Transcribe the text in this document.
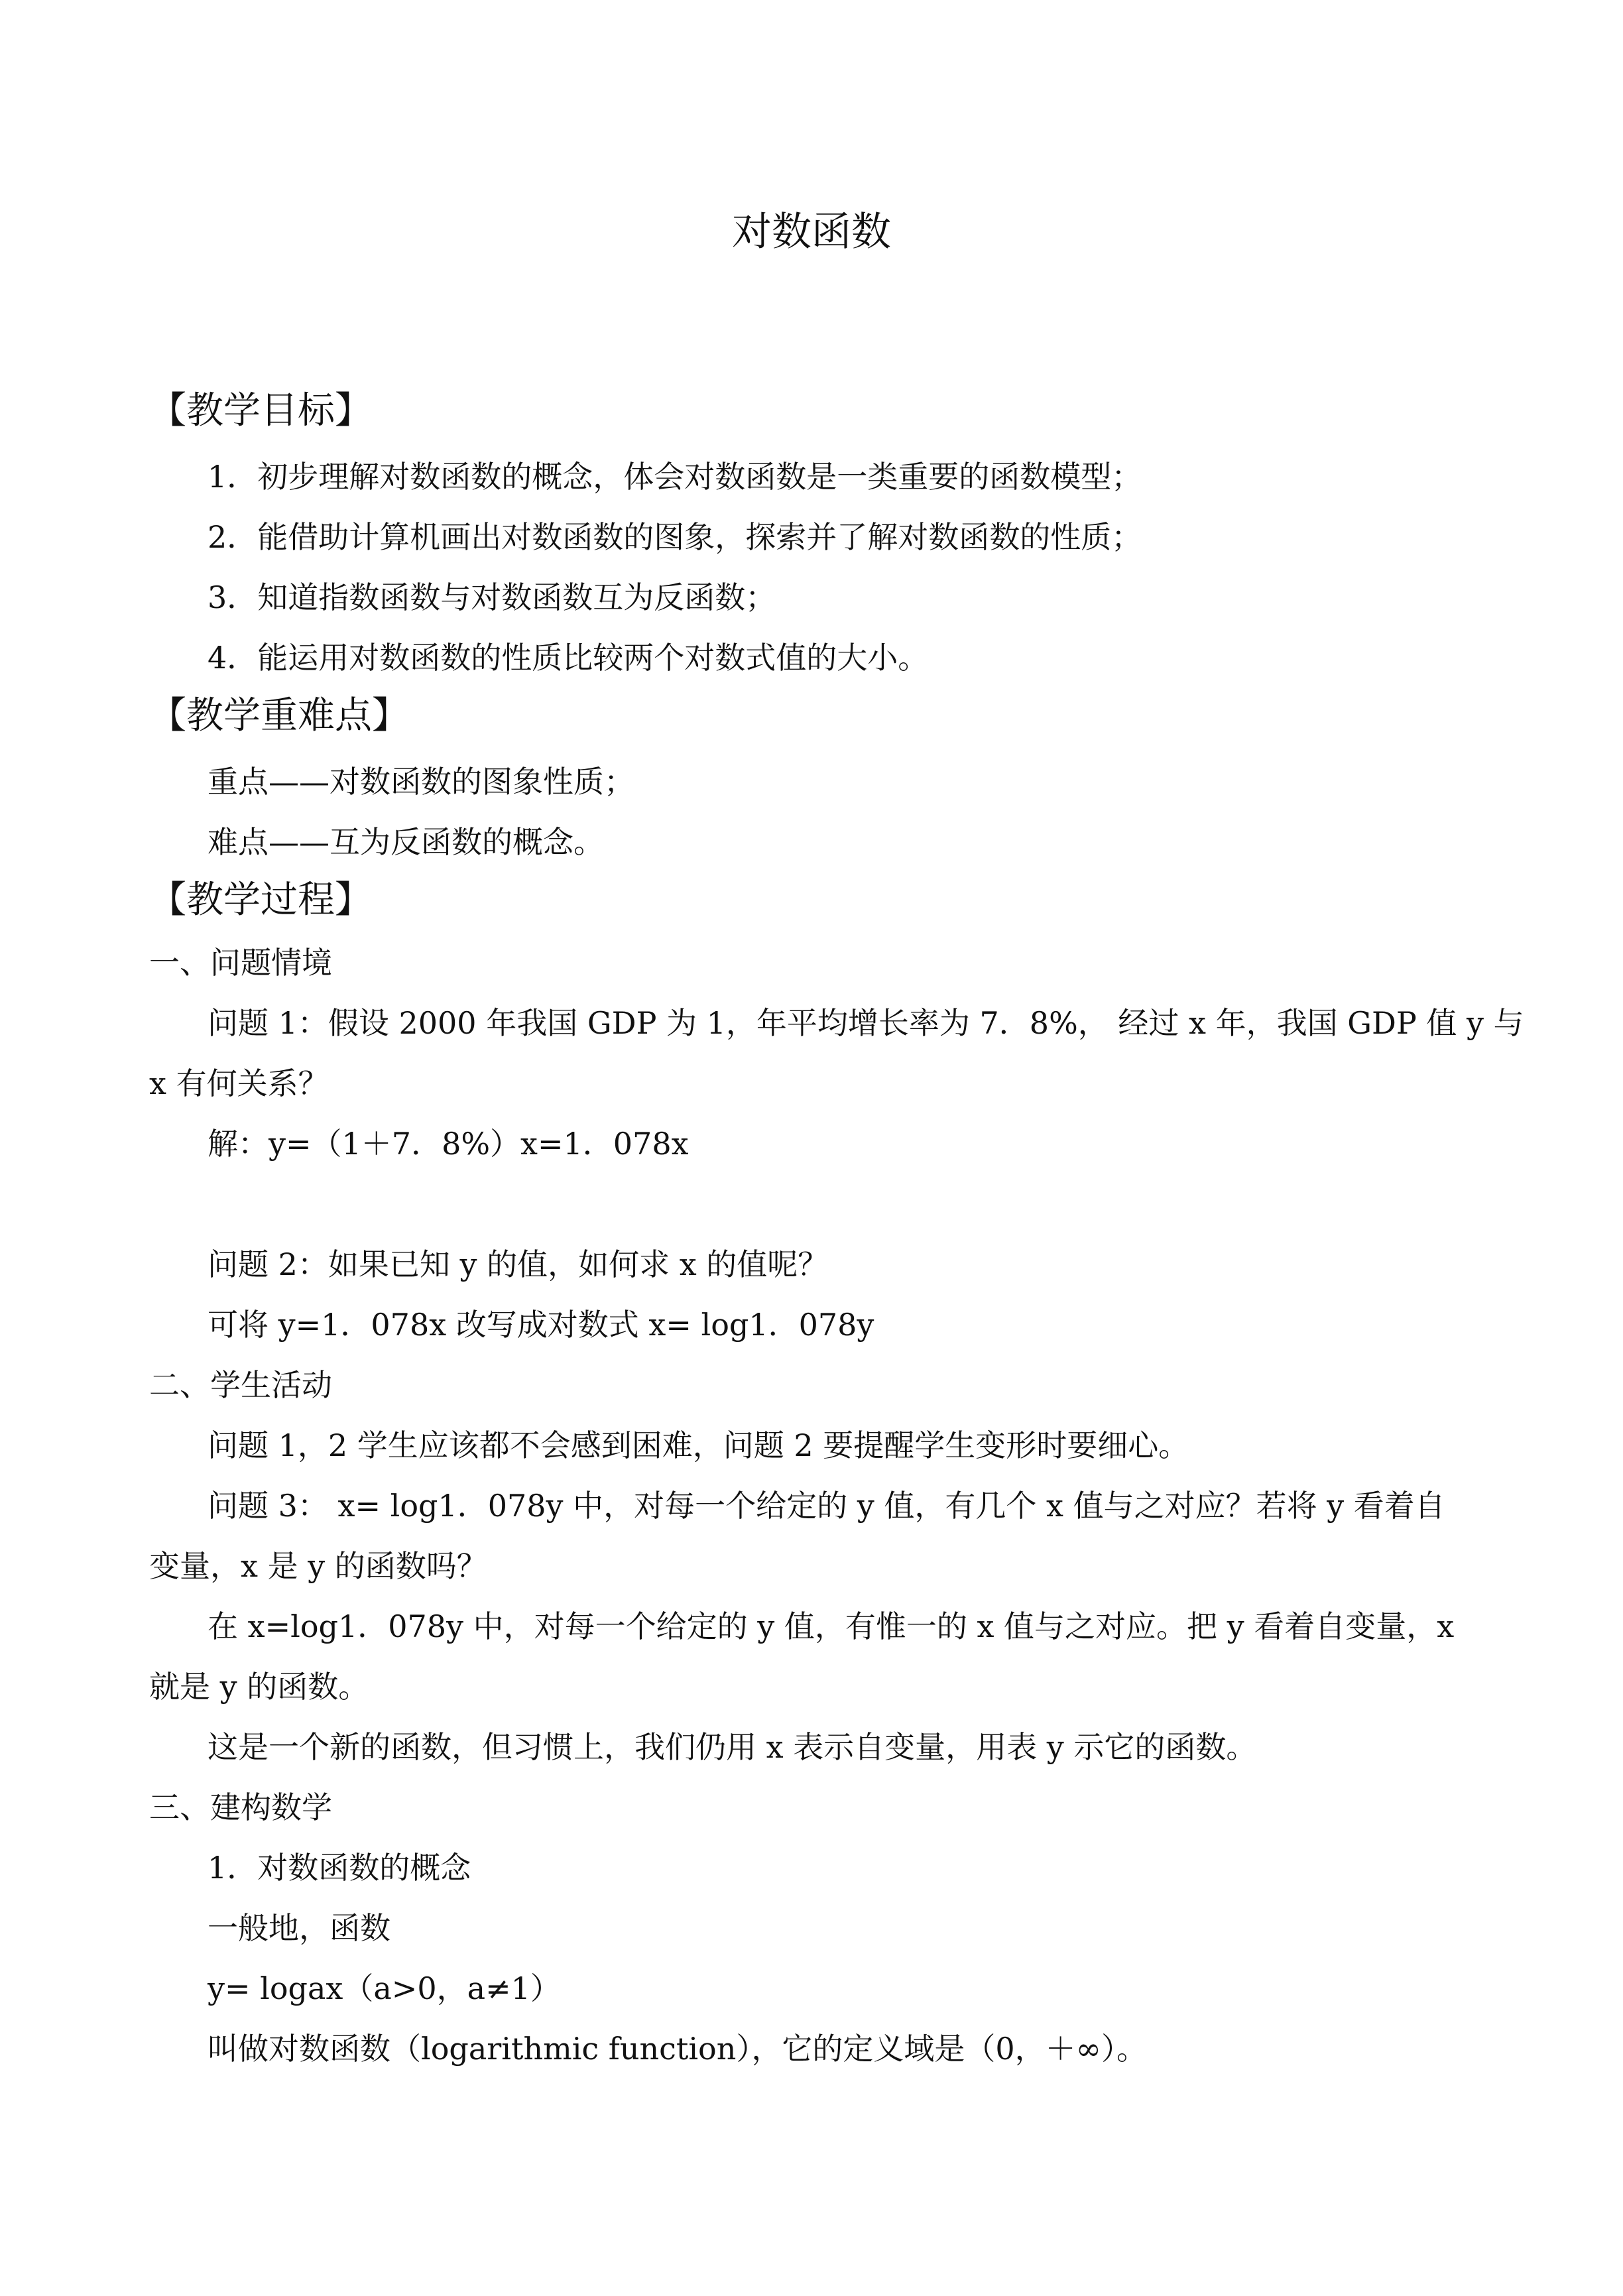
对数函数
【教学目标】
1．初步理解对数函数的概念，体会对数函数是一类重要的函数模型；
2．能借助计算机画出对数函数的图象，探索并了解对数函数的性质；
3．知道指数函数与对数函数互为反函数；
4．能运用对数函数的性质比较两个对数式值的大小。
【教学重难点】
重点——对数函数的图象性质；
难点——互为反函数的概念。
【教学过程】
一、问题情境
问题 1：假设 2000 年我国 GDP 为 1，年平均增长率为 7．8%， 经过 x 年，我国 GDP 值 y 与
x 有何关系？
解：y=（1＋7．8%）x=1．078x
问题 2：如果已知 y 的值，如何求 x 的值呢？
可将 y=1．078x 改写成对数式 x= log1．078y
二、学生活动
问题 1，2 学生应该都不会感到困难，问题 2 要提醒学生变形时要细心。
问题 3： x= log1．078y 中，对每一个给定的 y 值，有几个 x 值与之对应？若将 y 看着自
变量，x 是 y 的函数吗？
在 x=log1．078y 中，对每一个给定的 y 值，有惟一的 x 值与之对应。把 y 看着自变量，x
就是 y 的函数。
这是一个新的函数，但习惯上，我们仍用 x 表示自变量，用表 y 示它的函数。
三、建构数学
1．对数函数的概念
一般地，函数
y= logax（a>0，a≠1）
叫做对数函数（logarithmic function），它的定义域是（0，＋∞）。
